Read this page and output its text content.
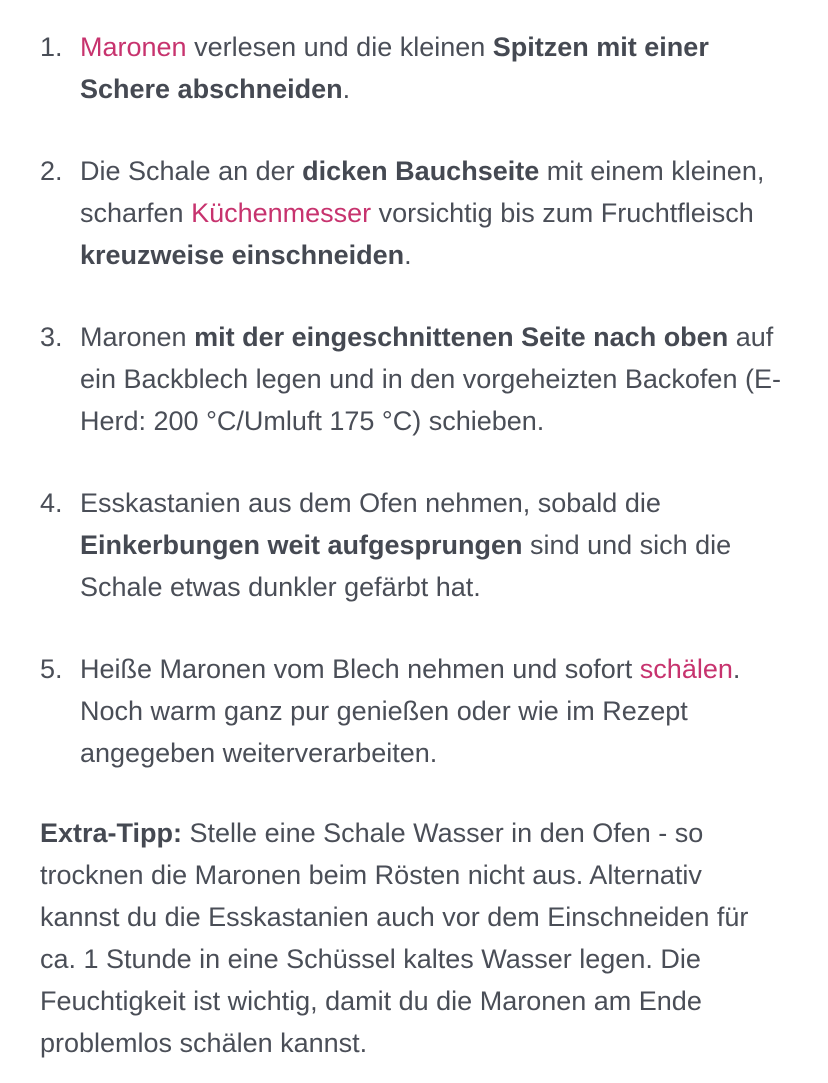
1. Maronen verlesen und die kleinen Spitzen mit einer Schere abschneiden.
2. Die Schale an der dicken Bauchseite mit einem kleinen, scharfen Küchenmesser vorsichtig bis zum Fruchtfleisch kreuzweise einschneiden.
3. Maronen mit der eingeschnittenen Seite nach oben auf ein Backblech legen und in den vorgeheizten Backofen (E-Herd: 200 °C/Umluft 175 °C) schieben.
4. Esskastanien aus dem Ofen nehmen, sobald die Einkerbungen weit aufgesprungen sind und sich die Schale etwas dunkler gefärbt hat.
5. Heiße Maronen vom Blech nehmen und sofort schälen. Noch warm ganz pur genießen oder wie im Rezept angegeben weiterverarbeiten.

Extra-Tipp: Stelle eine Schale Wasser in den Ofen - so trocknen die Maronen beim Rösten nicht aus. Alternativ kannst du die Esskastanien auch vor dem Einschneiden für ca. 1 Stunde in eine Schüssel kaltes Wasser legen. Die Feuchtigkeit ist wichtig, damit du die Maronen am Ende problemlos schälen kannst.
